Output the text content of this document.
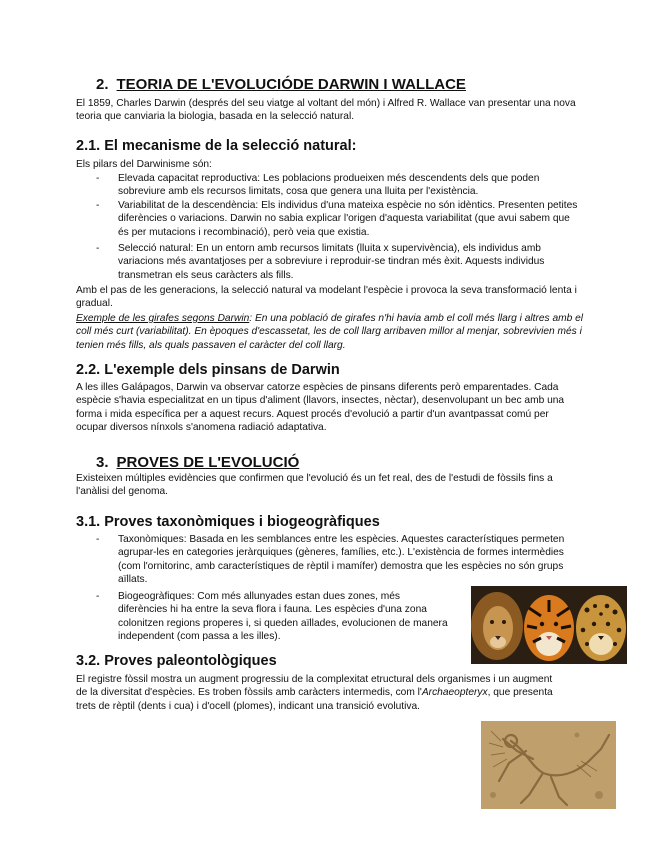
2. TEORIA DE L'EVOLUCIÓDE DARWIN I WALLACE
El 1859, Charles Darwin (després del seu viatge al voltant del món) i Alfred R. Wallace van presentar una nova teoria que canviaria la biologia, basada en la selecció natural.
2.1. El mecanisme de la selecció natural:
Els pilars del Darwinisme són:
- Elevada capacitat reproductiva: Les poblacions produeixen més descendents dels que poden sobreviure amb els recursos limitats, cosa que genera una lluita per l'existència.
- Variabilitat de la descendència: Els individus d'una mateixa espècie no són idèntics. Presenten petites diferències o variacions. Darwin no sabia explicar l'origen d'aquesta variabilitat (que avui sabem que és per mutacions i recombinació), però veia que existia.
- Selecció natural: En un entorn amb recursos limitats (lluita x supervivència), els individus amb variacions més avantatjoses per a sobreviure i reproduir-se tindran més èxit. Aquests individus transmetran els seus caràcters als fills.
Amb el pas de les generacions, la selecció natural va modelant l'espècie i provoca la seva transformació lenta i gradual.
Exemple de les girafes segons Darwin: En una població de girafes n'hi havia amb el coll més llarg i altres amb el coll més curt (variabilitat). En èpoques d'escassetat, les de coll llarg arribaven millor al menjar, sobrevivien més i tenien més fills, als quals passaven el caràcter del coll llarg.
2.2. L'exemple dels pinsans de Darwin
A les illes Galápagos, Darwin va observar catorze espècies de pinsans diferents però emparentades. Cada espècie s'havia especialitzat en un tipus d'aliment (llavors, insectes, nèctar), desenvolupant un bec amb una forma i mida específica per a aquest recurs. Aquest procés d'evolució a partir d'un avantpassat comú per ocupar diversos nínxols s'anomena radiació adaptativa.
3. PROVES DE L'EVOLUCIÓ
Existeixen múltiples evidències que confirmen que l'evolució és un fet real, des de l'estudi de fòssils fins a l'anàlisi del genoma.
3.1. Proves taxonòmiques i biogeogràfiques
- Taxonòmiques: Basada en les semblances entre les espècies. Aquestes característiques permeten agrupar-les en categories jeràrquiques (gèneres, famílies, etc.). L'existència de formes intermèdies (com l'ornitorinc, amb característiques de rèptil i mamífer) demostra que les espècies no són grups aïllats.
- Biogeogràfiques: Com més allunyades estan dues zones, més diferències hi ha entre la seva flora i fauna. Les espècies d'una zona colonitzen regions properes i, si queden aïllades, evolucionen de manera independent (com passa a les illes).
3.2. Proves paleontològiques
El registre fòssil mostra un augment progressiu de la complexitat etructural dels organismes i un augment de la diversitat d'espècies. Es troben fòssils amb caràcters intermedis, com l'Archaeopteryx, que presenta trets de rèptil (dents i cua) i d'ocell (plomes), indicant una transició evolutiva.
